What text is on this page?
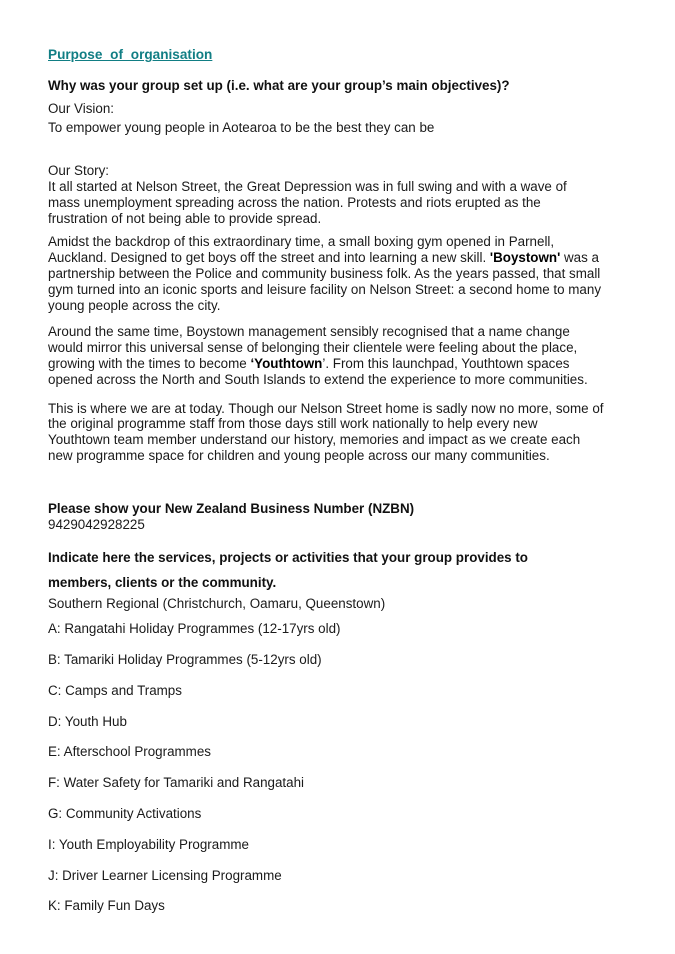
Purpose of organisation
Why was your group set up (i.e. what are your group’s main objectives)?
Our Vision:
To empower young people in Aotearoa to be the best they can be
Our Story:
It all started at Nelson Street, the Great Depression was in full swing and with a wave of
mass unemployment spreading across the nation. Protests and riots erupted as the
frustration of not being able to provide spread.
Amidst the backdrop of this extraordinary time, a small boxing gym opened in Parnell,
Auckland. Designed to get boys off the street and into learning a new skill. 'Boystown' was a
partnership between the Police and community business folk. As the years passed, that small
gym turned into an iconic sports and leisure facility on Nelson Street: a second home to many
young people across the city.
Around the same time, Boystown management sensibly recognised that a name change
would mirror this universal sense of belonging their clientele were feeling about the place,
growing with the times to become ‘Youthtown’. From this launchpad, Youthtown spaces
opened across the North and South Islands to extend the experience to more communities.
This is where we are at today. Though our Nelson Street home is sadly now no more, some of
the original programme staff from those days still work nationally to help every new
Youthtown team member understand our history, memories and impact as we create each
new programme space for children and young people across our many communities.
Please show your New Zealand Business Number (NZBN)
9429042928225
Indicate here the services, projects or activities that your group provides to
members, clients or the community.
Southern Regional (Christchurch, Oamaru, Queenstown)
A: Rangatahi Holiday Programmes (12-17yrs old)
B: Tamariki Holiday Programmes (5-12yrs old)
C: Camps and Tramps
D: Youth Hub
E: Afterschool Programmes
F: Water Safety for Tamariki and Rangatahi
G: Community Activations
I: Youth Employability Programme
J: Driver Learner Licensing Programme
K: Family Fun Days
